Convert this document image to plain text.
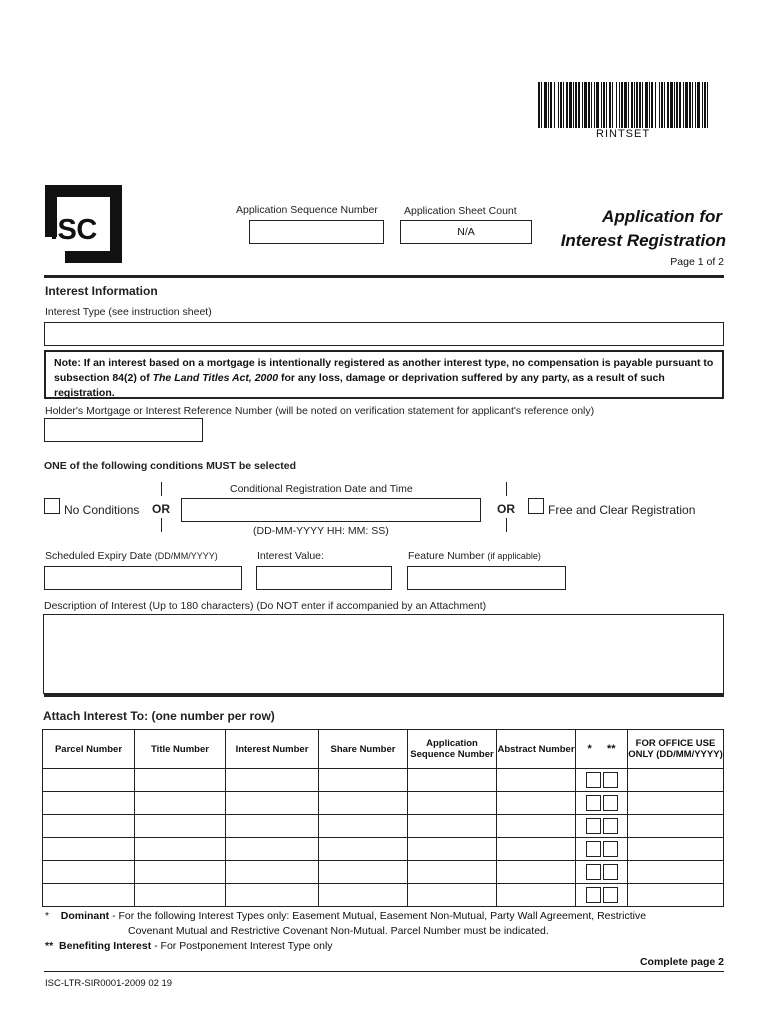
RINTSET
ISC
Application Sequence Number Application Sheet Count
N/A
Application for
Interest Registration
Page 1 of 2
Interest Information
Interest Type (see instruction sheet)
Note: If an interest based on a mortgage is intentionally registered as another interest type, no compensation is payable pursuant to subsection 84(2) of The Land Titles Act, 2000 for any loss, damage or deprivation suffered by any party, as a result of such registration.
Holder's Mortgage or Interest Reference Number (will be noted on verification statement for applicant's reference only)
ONE of the following conditions MUST be selected
Conditional Registration Date and Time
No Conditions OR	OR	Free and Clear Registration
(DD-MM-YYYY HH: MM: SS)
Scheduled Expiry Date (DD/MM/YYYY)	Interest Value:	Feature Number (if applicable)
Description of Interest (Up to 180 characters) (Do NOT enter if accompanied by an Attachment)
Attach Interest To: (one number per row)
Parcel Number	Title Number	Interest Number	Share Number	Application Sequence Number	Abstract Number	*     **	FOR OFFICE USE ONLY (DD/MM/YYYY)

* Dominant - For the following Interest Types only: Easement Mutual, Easement Non-Mutual, Party Wall Agreement, Restrictive
Covenant Mutual and Restrictive Covenant Non-Mutual. Parcel Number must be indicated.
** Benefiting Interest - For Postponement Interest Type only
Complete page 2
ISC-LTR-SIR0001-2009 02 19
